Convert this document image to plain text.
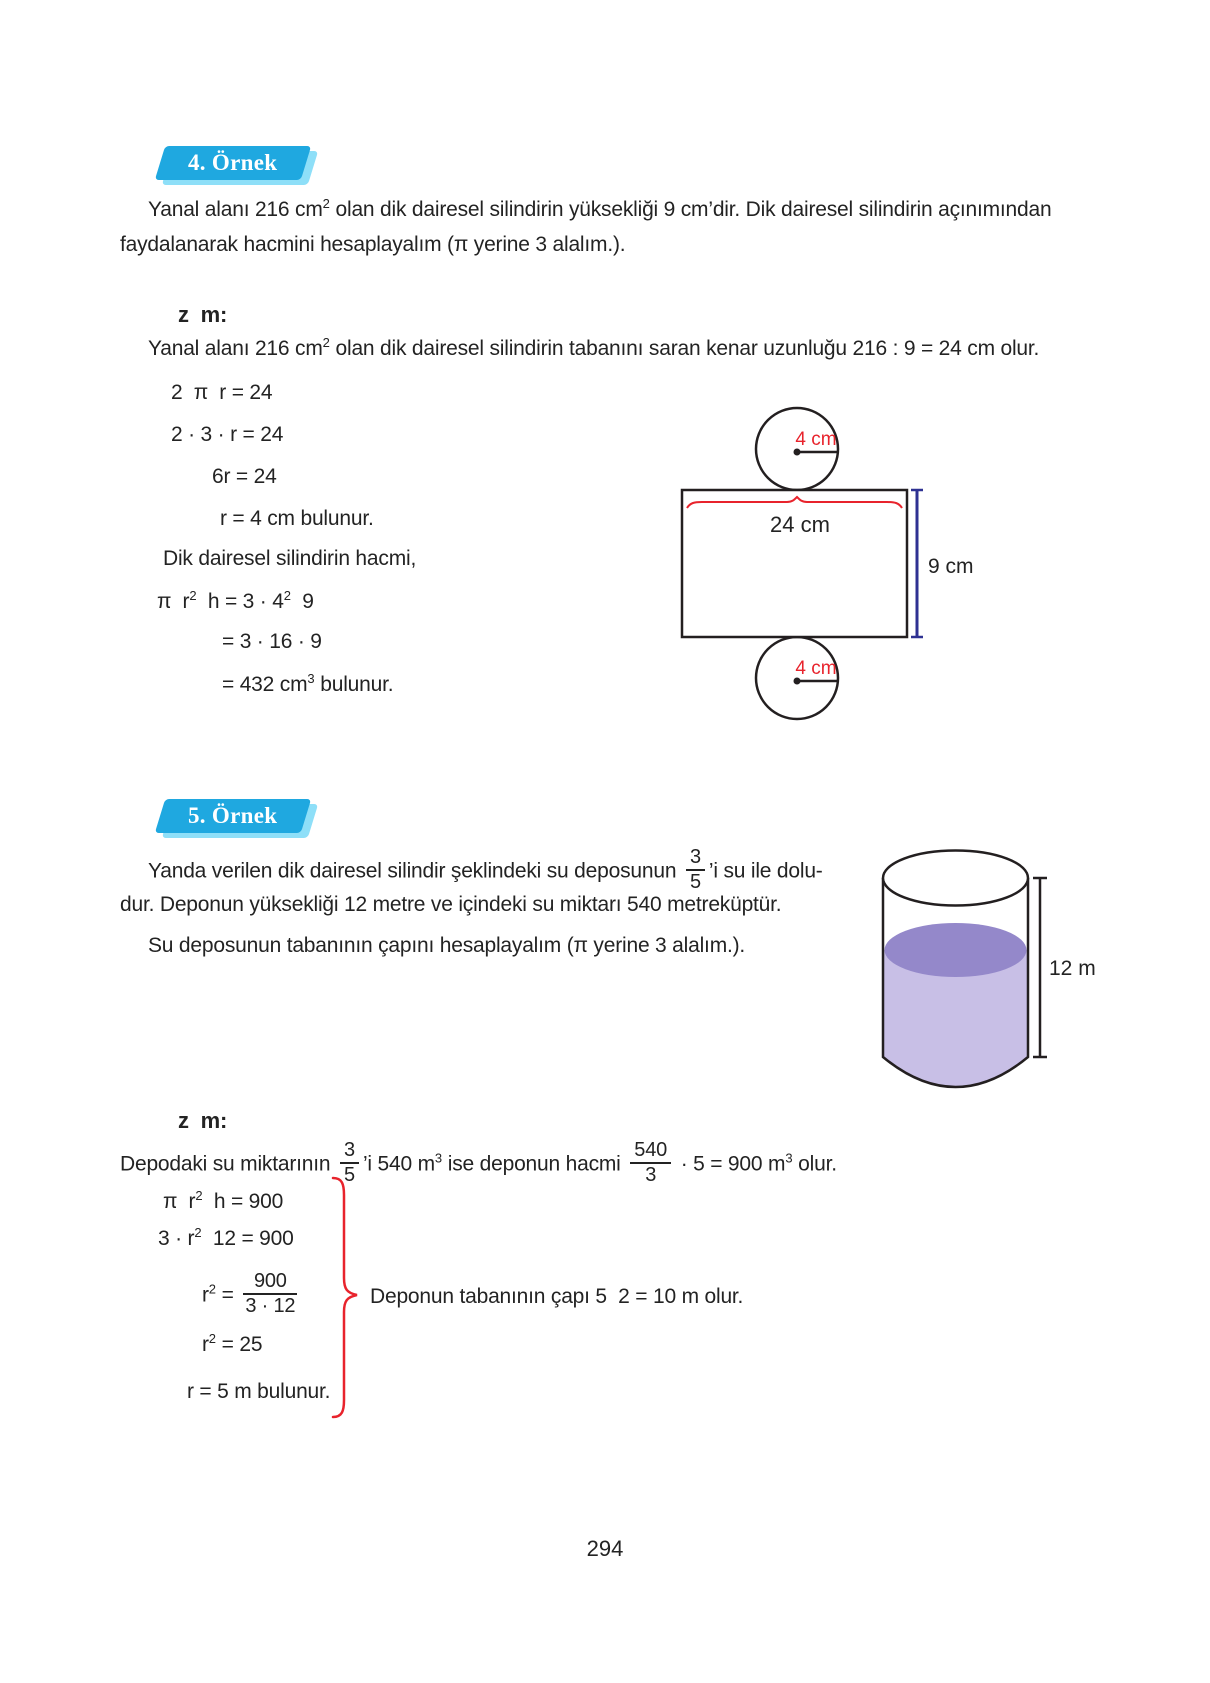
4. Örnek
Yanal alanı 216 $cm^2$ olan dik dairesel silindirin yüksekliği 9 cm’dir. Dik dairesel silindirin açınımından
faydalanarak hacmini hesaplayalım (π yerine 3 alalım.).
z  m:
Yanal alanı 216 $cm^2$ olan dik dairesel silindirin tabanını saran kenar uzunluğu 216 : 9 = 24 cm olur.
2  π  r = 24
2 · 3 · r = 24
6r = 24
r = 4 cm bulunur.
Dik dairesel silindirin hacmi,
π  $r^2$  $h = 3 \cdot 4^2$  9
= 3 · 16 · 9
= 432 $cm^3$ bulunur.
24 cm
4 cm
9 cm
4 cm
5. Örnek
Yanda verilen dik dairesel silindir şeklindeki su deposunun $\frac{3}{5}$ ’i su ile dolu-
dur. Deponun yüksekliği 12 metre ve içindeki su miktarı 540 metreküptür.
Su deposunun tabanının çapını hesaplayalım (π yerine 3 alalım.).
12 m
z  m:
Depodaki su miktarının $\frac{3}{5}$ ’i 540 $m^3$ ise deponun hacmi $\frac{540}{3} \cdot 5 = 900$ $m^3$ olur.
π  $r^2$  h = 900
$3 \cdot r^2$  12 = 900
$r^2 = \frac{900}{3 \cdot 12}$
$r^2 = 25$
r = 5 m bulunur.
Deponun tabanının çapı 5  2 = 10 m olur.
294
